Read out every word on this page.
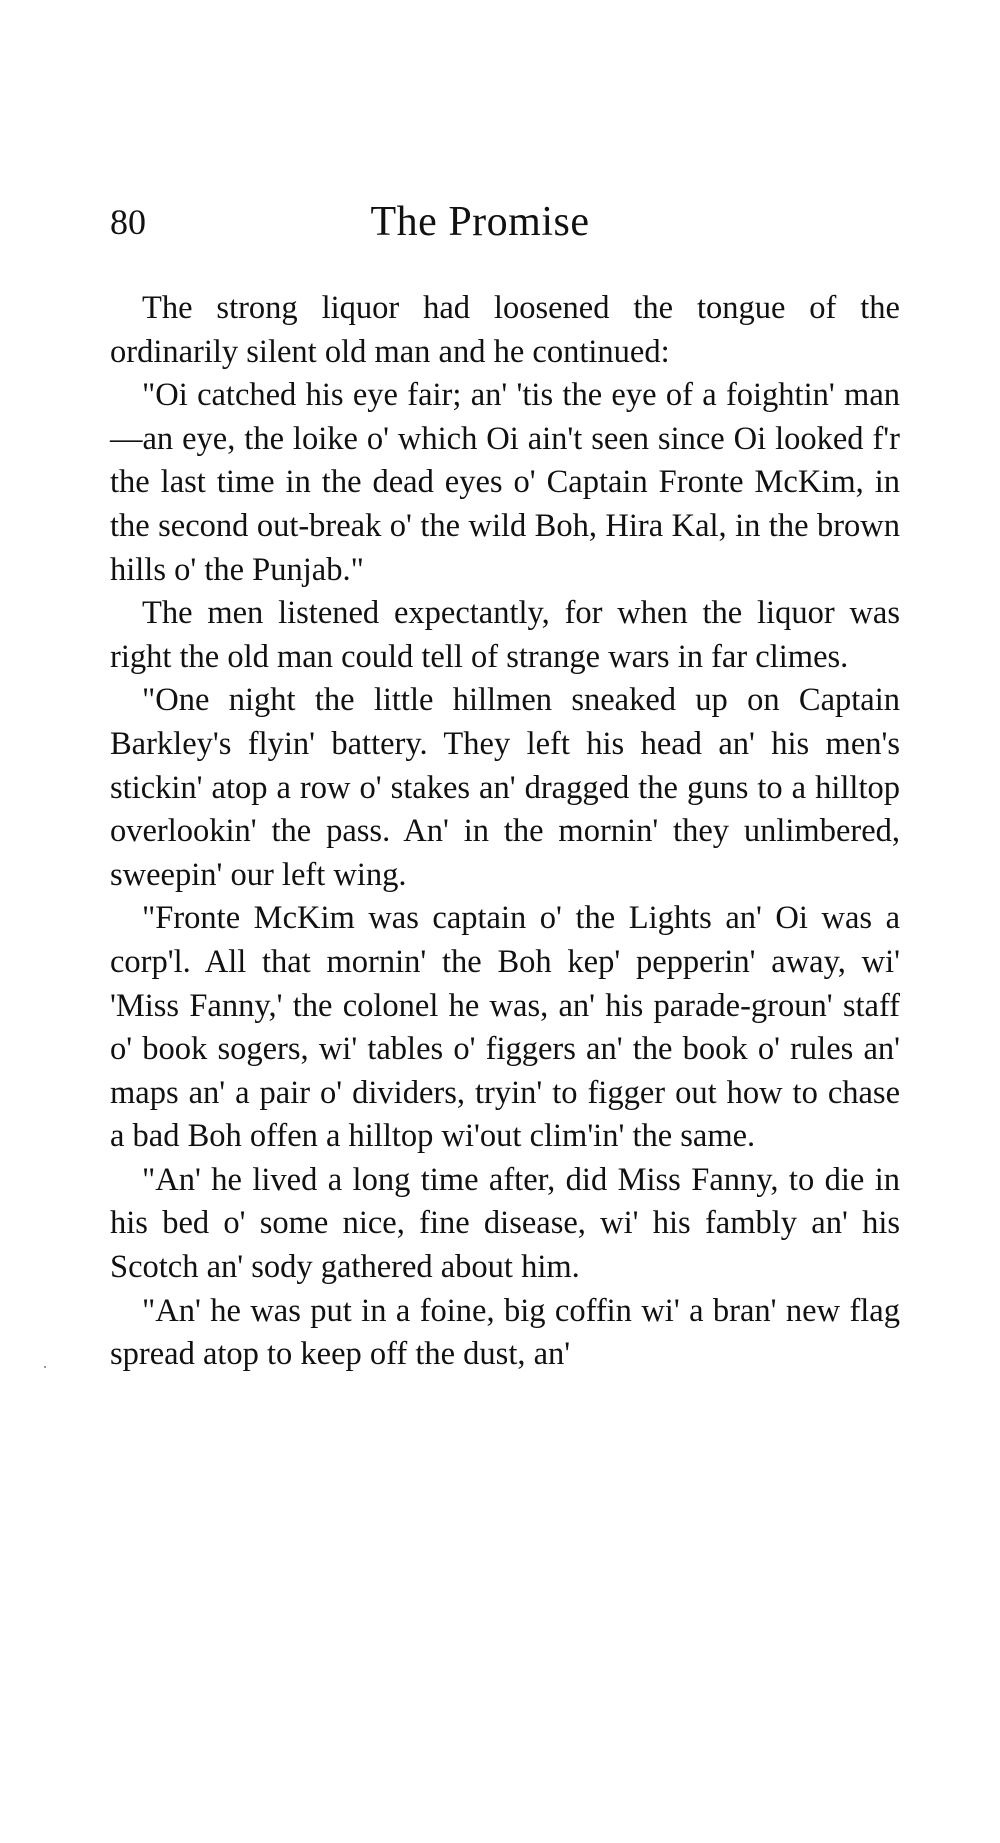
80	The Promise

The strong liquor had loosened the tongue of the ordinarily silent old man and he continued:

"Oi catched his eye fair; an' 'tis the eye of a foightin' man—an eye, the loike o' which Oi ain't seen since Oi looked f'r the last time in the dead eyes o' Captain Fronte McKim, in the second out-break o' the wild Boh, Hira Kal, in the brown hills o' the Punjab."

The men listened expectantly, for when the liquor was right the old man could tell of strange wars in far climes.

"One night the little hillmen sneaked up on Captain Barkley's flyin' battery. They left his head an' his men's stickin' atop a row o' stakes an' dragged the guns to a hilltop overlookin' the pass. An' in the mornin' they unlimbered, sweepin' our left wing.

"Fronte McKim was captain o' the Lights an' Oi was a corp'l. All that mornin' the Boh kep' pepperin' away, wi' 'Miss Fanny,' the colonel he was, an' his parade-groun' staff o' book sogers, wi' tables o' figgers an' the book o' rules an' maps an' a pair o' dividers, tryin' to figger out how to chase a bad Boh offen a hilltop wi'out clim'in' the same.

"An' he lived a long time after, did Miss Fanny, to die in his bed o' some nice, fine disease, wi' his fambly an' his Scotch an' sody gathered about him.

"An' he was put in a foine, big coffin wi' a bran' new flag spread atop to keep off the dust, an'
